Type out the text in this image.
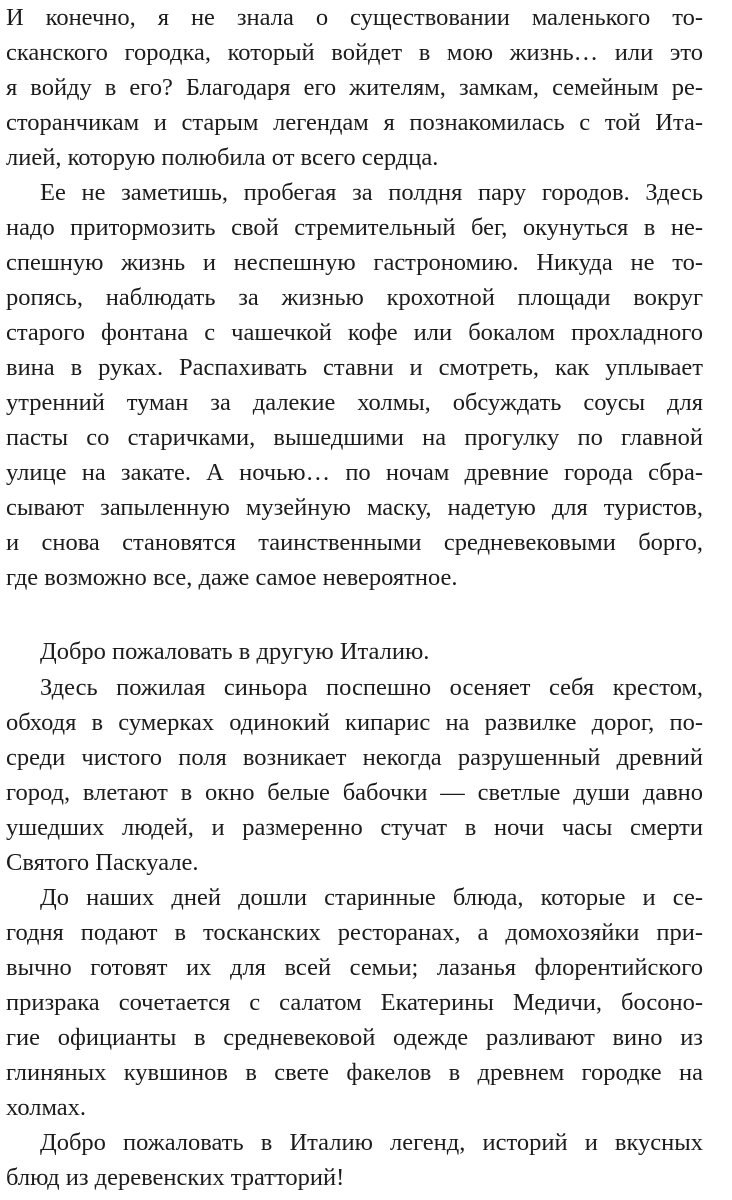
И конечно, я не знала о существовании маленького то-
сканского городка, который войдет в мою жизнь… или это
я войду в его? Благодаря его жителям, замкам, семейным ре-
сторанчикам и старым легендам я познакомилась с той Ита-
лией, которую полюбила от всего сердца.
Ее не заметишь, пробегая за полдня пару городов. Здесь
надо притормозить свой стремительный бег, окунуться в не-
спешную жизнь и неспешную гастрономию. Никуда не то-
ропясь, наблюдать за жизнью крохотной площади вокруг
старого фонтана с чашечкой кофе или бокалом прохладного
вина в руках. Распахивать ставни и смотреть, как уплывает
утренний туман за далекие холмы, обсуждать соусы для
пасты со старичками, вышедшими на прогулку по главной
улице на закате. А ночью… по ночам древние города сбра-
сывают запыленную музейную маску, надетую для туристов,
и снова становятся таинственными средневековыми борго,
где возможно все, даже самое невероятное.
Добро пожаловать в другую Италию.
Здесь пожилая синьора поспешно осеняет себя крестом,
обходя в сумерках одинокий кипарис на развилке дорог, по-
среди чистого поля возникает некогда разрушенный древний
город, влетают в окно белые бабочки — светлые души давно
ушедших людей, и размеренно стучат в ночи часы смерти
Святого Паскуале.
До наших дней дошли старинные блюда, которые и се-
годня подают в тосканских ресторанах, а домохозяйки при-
вычно готовят их для всей семьи; лазанья флорентийского
призрака сочетается с салатом Екатерины Медичи, босоно-
гие официанты в средневековой одежде разливают вино из
глиняных кувшинов в свете факелов в древнем городке на
холмах.
Добро пожаловать в Италию легенд, историй и вкусных
блюд из деревенских тратторий!
